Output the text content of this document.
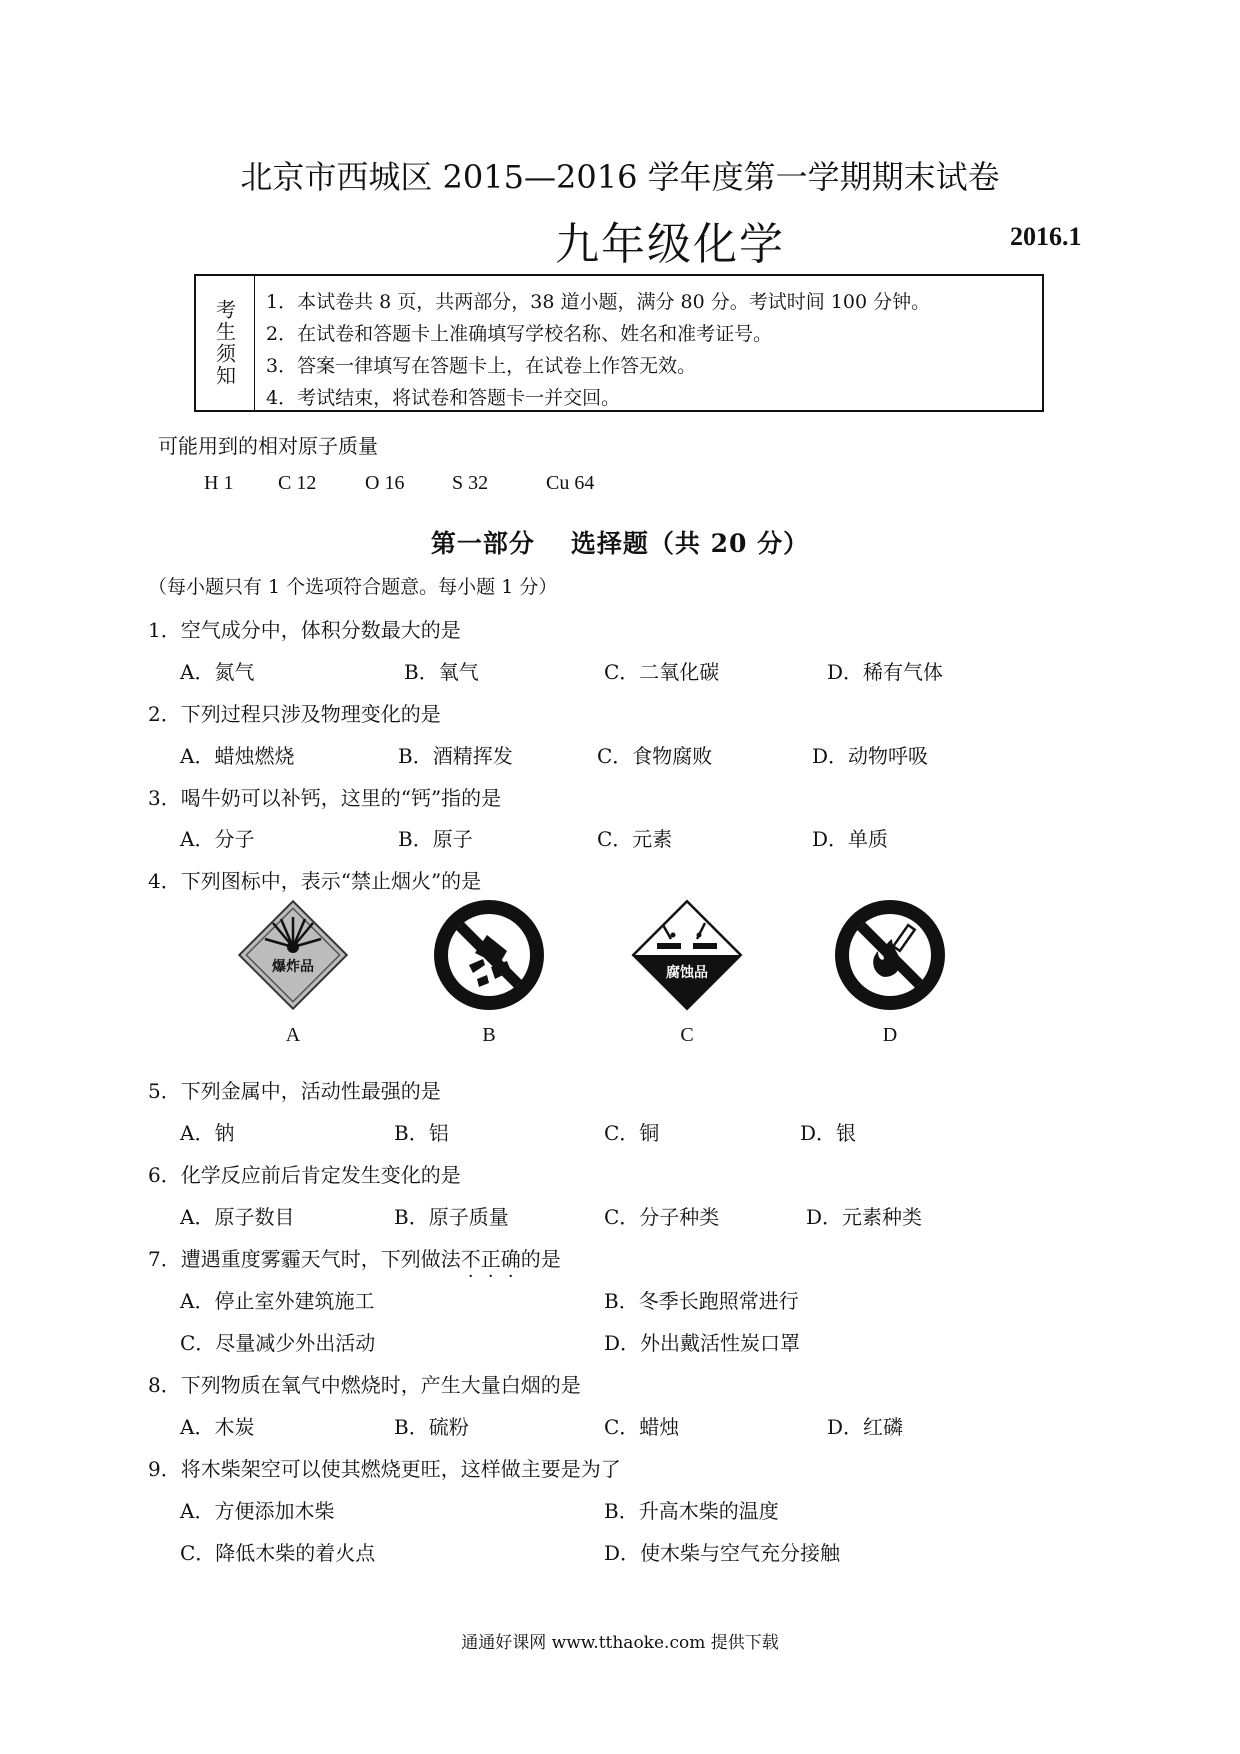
北京市西城区 2015—2016 学年度第一学期期末试卷
九年级化学	2016.1
考生须知	1．本试卷共 8 页，共两部分，38 道小题，满分 80 分。考试时间 100 分钟。
2．在试卷和答题卡上准确填写学校名称、姓名和准考证号。
3．答案一律填写在答题卡上，在试卷上作答无效。
4．考试结束，将试卷和答题卡一并交回。
可能用到的相对原子质量
H 1 C 12 O 16 S 32	Cu 64
第一部分 选择题（共 20 分）
（每小题只有 1 个选项符合题意。每小题 1 分）
1．空气成分中，体积分数最大的是
A．氮气	B．氧气	C．二氧化碳	D．稀有气体
2．下列过程只涉及物理变化的是
A．蜡烛燃烧	B．酒精挥发	C．食物腐败	D．动物呼吸
3．喝牛奶可以补钙，这里的“钙”指的是
A．分子	B．原子	C．元素	D．单质
4．下列图标中，表示“禁止烟火”的是
爆炸品	腐蚀品
A	B	C	D
5．下列金属中，活动性最强的是
A．钠	B．铝	C．铜	D．银
6．化学反应前后肯定发生变化的是
A．原子数目	B．原子质量	C．分子种类	D．元素种类
7．遭遇重度雾霾天气时，下列做法不正确的是
A．停止室外建筑施工	B．冬季长跑照常进行
C．尽量减少外出活动	D．外出戴活性炭口罩
8．下列物质在氧气中燃烧时，产生大量白烟的是
A．木炭	B．硫粉	C．蜡烛	D．红磷
9．将木柴架空可以使其燃烧更旺，这样做主要是为了
A．方便添加木柴	B．升高木柴的温度
C．降低木柴的着火点	D．使木柴与空气充分接触
通通好课网 www.tthaoke.com 提供下载
